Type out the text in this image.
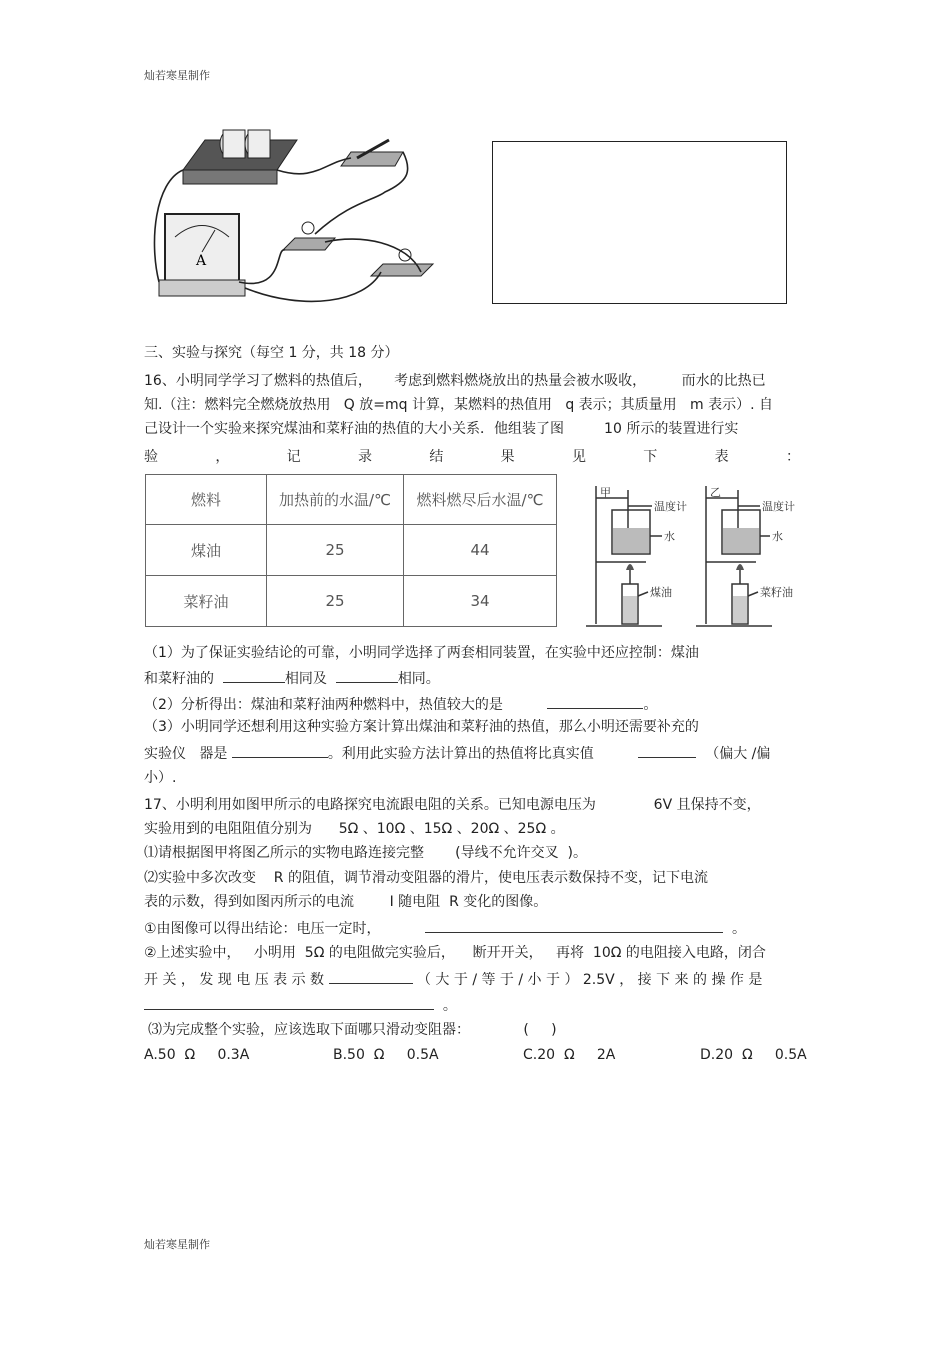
灿若寒星制作
A
三、实验与探究（每空 1 分，共 18 分）
16、小明同学学习了燃料的热值后，     考虑到燃料燃烧放出的热量会被水吸收，        而水的比热已
知.（注：燃料完全燃烧放热用   Q 放=mq 计算，某燃料的热值用   q 表示；其质量用   m 表示）. 自
己设计一个实验来探究煤油和菜籽油的热值的大小关系．他组装了图         10 所示的装置进行实
验	，	记	录	结	果	见	下	表	：
燃料	加热前的水温/℃	燃料燃尽后水温/℃
煤油	25	44
菜籽油	25	34
甲
温度计
水
煤油
乙
温度计
水
菜籽油
（1）为了保证实验结论的可靠，小明同学选择了两套相同装置，在实验中还应控制：煤油
和菜籽油的	相同及	相同。
（2）分析得出：煤油和菜籽油两种燃料中，热值较大的是	。
（3）小明同学还想利用这种实验方案计算出煤油和菜籽油的热值，那么小明还需要补充的
实验仪   器是	。利用此实验方法计算出的热值将比真实值	（偏大 /偏
小）.
17、小明利用如图甲所示的电路探究电流跟电阻的关系。已知电源电压为             6V 且保持不变，
实验用到的电阻阻值分别为      5Ω 、10Ω 、15Ω 、20Ω 、25Ω 。
⑴请根据图甲将图乙所示的实物电路连接完整       (导线不允许交叉  )。
⑵实验中多次改变    R 的阻值，调节滑动变阻器的滑片，使电压表示数保持不变，记下电流
表的示数，得到如图丙所示的电流        I 随电阻  R 变化的图像。
①由图像可以得出结论：电压一定时，	。
②上述实验中，   小明用  5Ω 的电阻做完实验后，    断开开关，   再将  10Ω 的电阻接入电路，闭合
开 关 ， 发 现 电 压 表 示 数	（ 大 于 / 等 于 / 小 于 ） 2.5V ， 接 下 来 的 操 作 是
。
⑶为完成整个实验，应该选取下面哪只滑动变阻器：            (     )
A.50  Ω     0.3A	B.50  Ω     0.5A	C.20  Ω     2A	D.20  Ω     0.5A
灿若寒星制作
